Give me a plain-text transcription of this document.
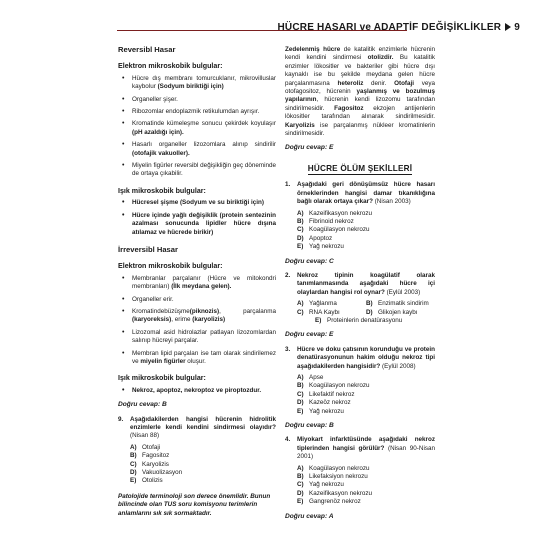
HÜCRE HASARI ve ADAPTİF DEĞİŞİKLİKLER 9
Reversibl Hasar
Elektron mikroskobik bulgular:
• Hücre dış membranı tomurcuklanır, mikrovilluslar kaybolur (Sodyum biriktiği için)
• Organeller şişer.
• Ribozomlar endoplazmik retikulumdan ayrışır.
• Kromatinde kümeleşme sonucu çekirdek koyulaşır (pH azaldığı için).
• Hasarlı organeller lizozomlara alınıp sindirilir (otofajik vakuoller).
• Miyelin figürler reversibl değişikliğin geç döneminde de ortaya çıkabilir.
Işık mikroskobik bulgular:
• Hücresel şişme (Sodyum ve su biriktiği için)
• Hücre içinde yağlı değişiklik (protein sentezinin azalması sonucunda lipidler hücre dışına atılamaz ve hücrede birikir)
İrreversibl Hasar
Elektron mikroskobik bulgular:
• Membranlar parçalanır (Hücre ve mitokondri membranları) (İlk meydana gelen).
• Organeller erir.
• Kromatindebüzüşme(piknozis), parçalanma (karyoreksis), erime (karyolizis)
• Lizozomal asid hidrolazlar patlayan lizozomlardan salınıp hücreyi parçalar.
• Membran lipid parçaları ise tam olarak sindirilemez ve miyelin figürler oluşur.
Işık mikroskobik bulgular:
• Nekroz, apoptoz, nekroptoz ve piroptozdur.
Doğru cevap: B
9.	Aşağıdakilerden hangisi hücrenin hidrolitik enzimlerle kendi kendini sindirmesi olayıdır? (Nisan 88)
A) Otofaji
B) Fagositoz
C) Karyolizis
D) Vakuolizasyon
E) Otolizis
Patolojide terminoloji son derece önemlidir. Bunun bilincinde olan TUS soru komisyonu terimlerin anlamlarını sık sık sormaktadır.
Zedelenmiş hücre de katalitik enzimlerle hücrenin kendi kendini sindirmesi otolizdir. Bu katalitik enzimler lökositler ve bakteriler gibi hücre dışı kaynaklı ise bu şekilde meydana gelen hücre parçalanmasına heteroliz denir. Otofaji veya otofagositoz, hücrenin yaşlanmış ve bozulmuş yapılarının, hücrenin kendi lizozomu tarafından sindirilmesidir. Fagositoz ekzojen antijenlerin lökositler tarafından alınarak sindirilmesidir. Karyolizis ise parçalanmış nükleer kromatinlerin sindirilmesidir.
Doğru cevap: E
HÜCRE ÖLÜM ŞEKİLLERİ
1.	Aşağıdaki geri dönüşümsüz hücre hasarı örneklerinden hangisi damar tıkanıklığına bağlı olarak ortaya çıkar? (Nisan 2003)
A) Kazeifikasyon nekrozu
B) Fibrinoid nekroz
C) Koagülasyon nekrozu
D) Apoptoz
E) Yağ nekrozu
Doğru cevap: C
2.	Nekroz tipinin koagülatif olarak tanımlanmasında aşağıdaki hücre içi olaylardan hangisi rol oynar? (Eylül 2003)
A) Yağlanma	B) Enzimatik sindirim
C) RNA Kaybı	D) Glikojen kaybı
E) Proteinlerin denatürasyonu
Doğru cevap: E
3.	Hücre ve doku çatısının korunduğu ve protein denatürasyonunun hakim olduğu nekroz tipi aşağıdakilerden hangisidir? (Eylül 2008)
A) Apse
B) Koagülasyon nekrozu
C) Likefaktif nekroz
D) Kazeöz nekroz
E) Yağ nekrozu
Doğru cevap: B
4.	Miyokart infarktüsünde aşağıdaki nekroz tiplerinden hangisi görülür? (Nisan 90-Nisan 2001)
A) Koagülasyon nekrozu
B) Likefaksiyon nekrozu
C) Yağ nekrozu
D) Kazeifikasyon nekrozu
E) Gangrenöz nekroz
Doğru cevap: A
